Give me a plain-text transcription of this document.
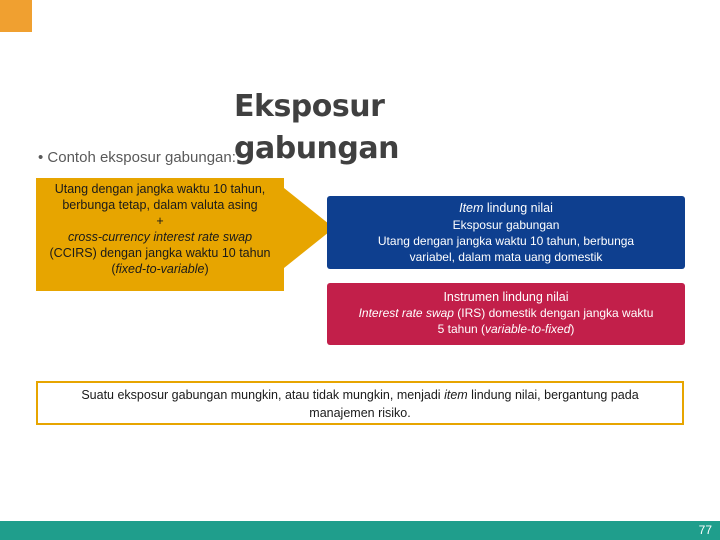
• Contoh eksposur gabungan:
Eksposur gabungan
Utang dengan jangka waktu 10 tahun,
berbunga tetap, dalam valuta asing
+
cross-currency interest rate swap
(CCIRS) dengan jangka waktu 10 tahun
(fixed-to-variable)
Item lindung nilai
Eksposur gabungan
Utang dengan jangka waktu 10 tahun, berbunga
variabel, dalam mata uang domestik
Instrumen lindung nilai
Interest rate swap (IRS) domestik dengan jangka waktu
5 tahun (variable-to-fixed)
Suatu eksposur gabungan mungkin, atau tidak mungkin, menjadi item lindung nilai, bergantung pada
manajemen risiko.
77
